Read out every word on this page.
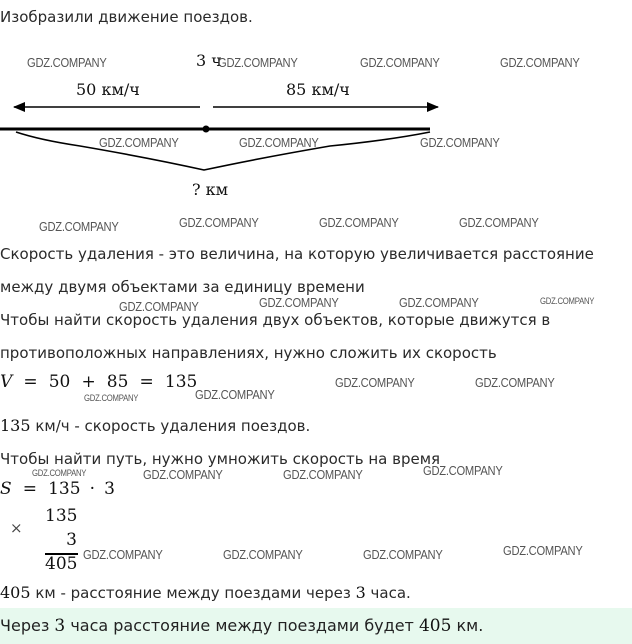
Изобразили движение поездов.
3 ч
50 км/ч	85 км/ч
? км
Скорость удаления - это величина, на которую увеличивается расстояние
между двумя объектами за единицу времени
Чтобы найти скорость удаления двух объектов, которые движутся в
противоположных направлениях, нужно сложить их скорость
V = 50 + 85 = 135
135 км/ч - скорость удаления поездов.
Чтобы найти путь, нужно умножить скорость на время
S = 135 · 3
×
135
3
405
405 км - расстояние между поездами через 3 часа.
Через 3 часа расстояние между поездами будет 405 км.
GDZ.COMPANY	GDZ.COMPANY	GDZ.COMPANY	GDZ.COMPANY
GDZ.COMPANY	GDZ.COMPANY	GDZ.COMPANY
GDZ.COMPANY	GDZ.COMPANY	GDZ.COMPANY	GDZ.COMPANY
GDZ.COMPANY	GDZ.COMPANY	GDZ.COMPANY	GDZ.COMPANY
GDZ.COMPANY	GDZ.COMPANY
GDZ.COMPANY	GDZ.COMPANY
GDZ.COMPANY	GDZ.COMPANY	GDZ.COMPANY	GDZ.COMPANY
GDZ.COMPANY	GDZ.COMPANY	GDZ.COMPANY	GDZ.COMPANY
